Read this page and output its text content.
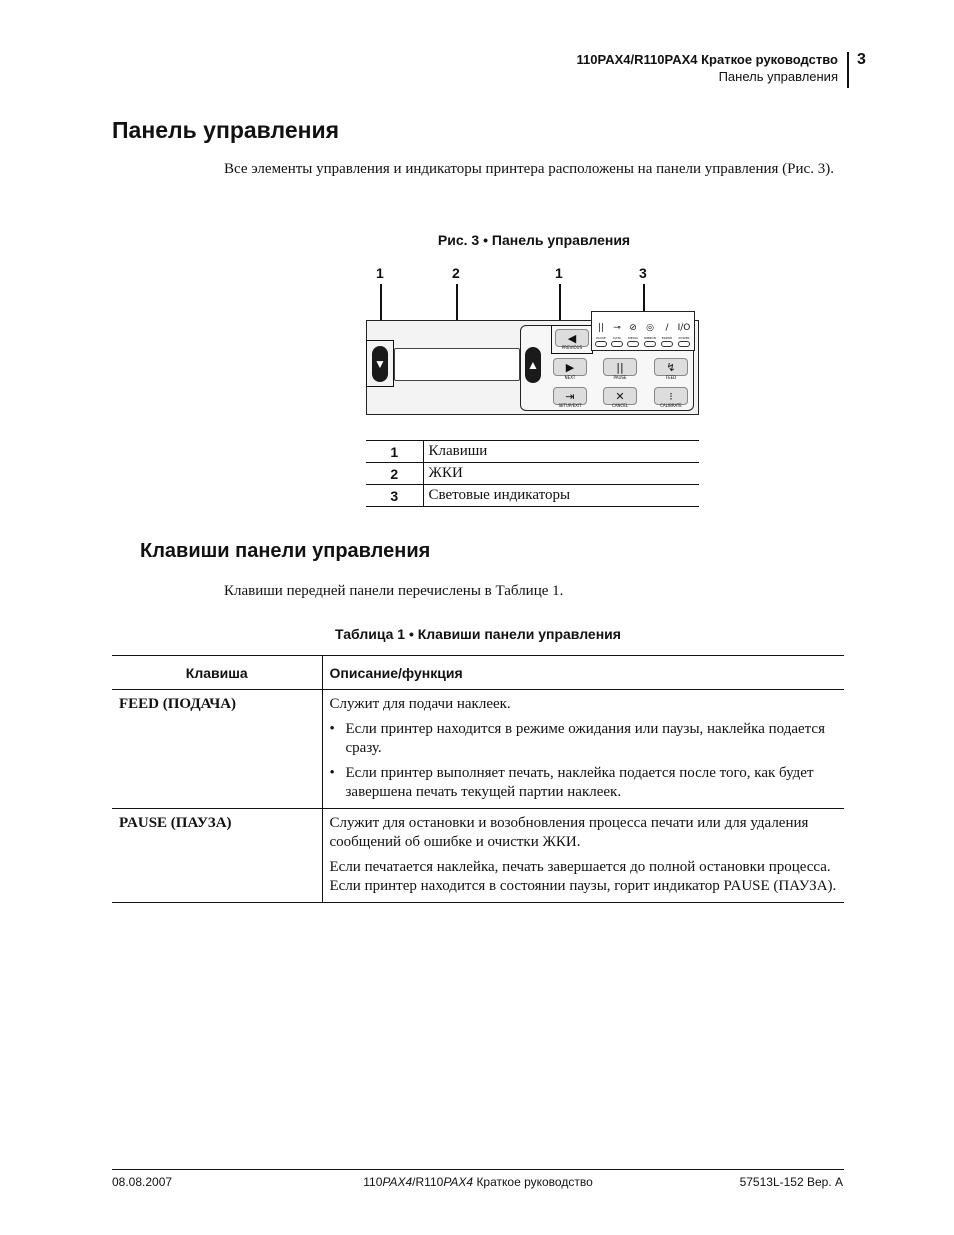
110PAX4/R110PAX4 Краткое руководство
Панель управления
3
Панель управления
Все элементы управления и индикаторы принтера расположены на панели управления (Рис. 3).
Рис. 3 • Панель управления
1	2	1	3
▼	▲
◀
PREVIOUS
▶
NEXT
||
PAUSE
↯
FEED
⇥
SETUP/EXIT
✕
CANCEL
⁝
CALIBRATE
||
PAUSE
⊸
DATA
⊘
MEDIA
◎
RIBBON
/
ERROR
I/O
POWER
1	Клавиши
2	ЖКИ
3	Световые индикаторы
Клавиши панели управления
Клавиши передней панели перечислены в Таблице 1.
Таблица 1 • Клавиши панели управления
Клавиша	Описание/функция
FEED (ПОДАЧА)	Служит для подачи наклеек.
• Если принтер находится в режиме ожидания или паузы, наклейка подается сразу.
• Если принтер выполняет печать, наклейка подается после того, как будет завершена печать текущей партии наклеек.

PAUSE (ПАУЗА)	Служит для остановки и возобновления процесса печати или для удаления сообщений об ошибке и очистки ЖКИ.
Если печатается наклейка, печать завершается до полной остановки процесса. Если принтер находится в состоянии паузы, горит индикатор PAUSE (ПАУЗА).
08.08.2007	110PAX4/R110PAX4 Краткое руководство	57513L-152 Вер. A
